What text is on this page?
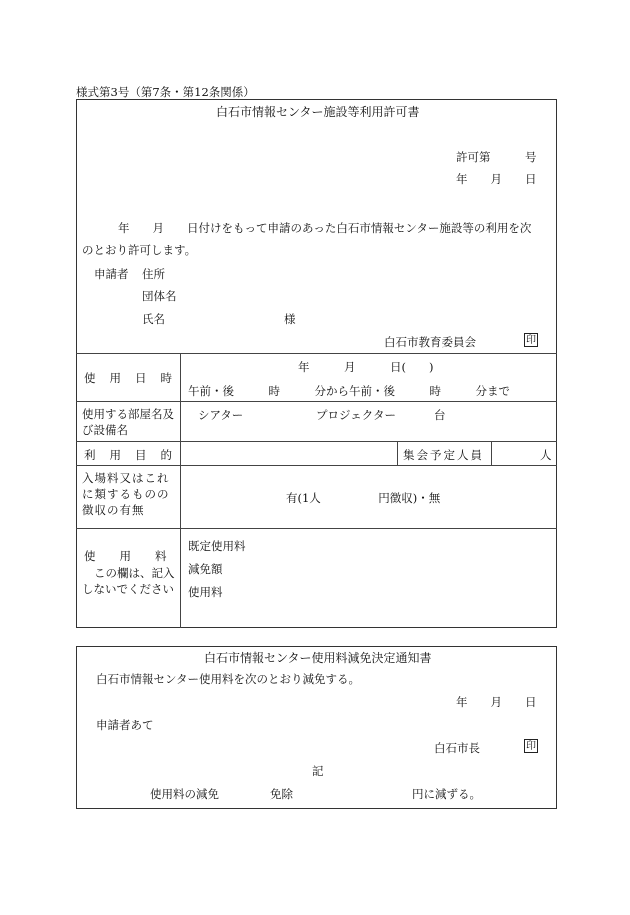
様式第3号（第7条・第12条関係）
白石市情報センター施設等利用許可書
許可第　　　号
年　　月　　日
年　　月　　日付けをもって申請のあった白石市情報センター施設等の利用を次
のとおり許可します。
申請者 住所
団体名
氏名	様
白石市教育委員会	印
使 用 日 時
年　　　月　　　日(　　)
午前・後　　　時　　　分から午前・後　　　時　　　分まで
使用する部屋名及び設備名
シアター	プロジェクター	台
利用目的	集会予定人員	人
入場料又はこれに類するものの徴収の有無
有(1人　　　　　円徴収)・無
使用料
この欄は、記入しないでください
既定使用料
減免額
使用料
白石市情報センター使用料減免決定通知書
白石市情報センター使用料を次のとおり減免する。
年　　月　　日
申請者あて
白石市長	印
記
使用料の減免	免除	円に減ずる。
